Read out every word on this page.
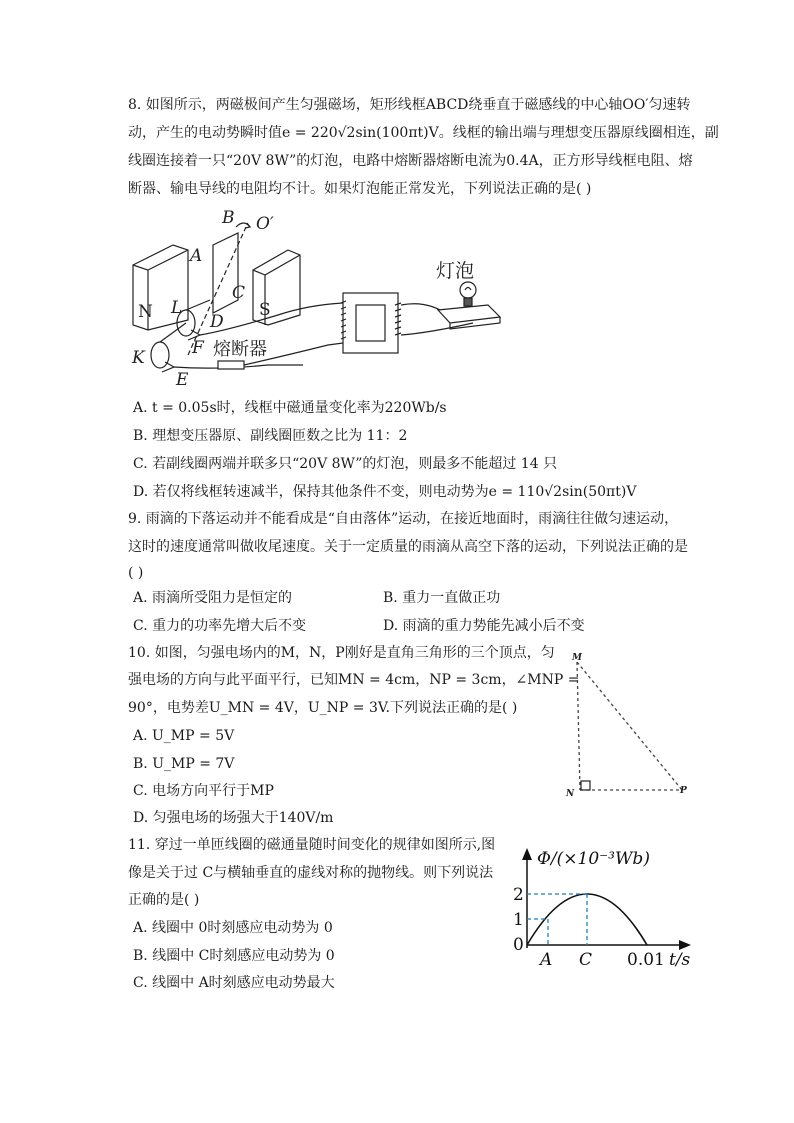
8. 如图所示，两磁极间产生匀强磁场，矩形线框ABCD绕垂直于磁感线的中心轴OO′匀速转
动，产生的电动势瞬时值e = 220√2sin(100πt)V。线框的输出端与理想变压器原线圈相连，副
线圈连接着一只“20V 8W”的灯泡，电路中熔断器熔断电流为0.4A，正方形导线框电阻、熔
断器、输电导线的电阻均不计。如果灯泡能正常发光，下列说法正确的是( )
B O′
A
C
L
D
K	F
E
N	S
灯泡
熔断器
A. t = 0.05s时，线框中磁通量变化率为220Wb/s
B. 理想变压器原、副线圈匝数之比为 11：2
C. 若副线圈两端并联多只“20V 8W”的灯泡，则最多不能超过 14 只
D. 若仅将线框转速减半，保持其他条件不变，则电动势为e = 110√2sin(50πt)V
9. 雨滴的下落运动并不能看成是“自由落体”运动，在接近地面时，雨滴往往做匀速运动，
这时的速度通常叫做收尾速度。关于一定质量的雨滴从高空下落的运动，下列说法正确的是
( )
A. 雨滴所受阻力是恒定的	B. 重力一直做正功
C. 重力的功率先增大后不变	D. 雨滴的重力势能先减小后不变
10. 如图，匀强电场内的M，N，P刚好是直角三角形的三个顶点，匀
强电场的方向与此平面平行，已知MN = 4cm，NP = 3cm，∠MNP =
90°，电势差U_MN = 4V，U_NP = 3V.下列说法正确的是( )
A. U_MP = 5V
B. U_MP = 7V
C. 电场方向平行于MP
D. 匀强电场的场强大于140V/m
M
N	P
11. 穿过一单匝线圈的磁通量随时间变化的规律如图所示,图
像是关于过 C与横轴垂直的虚线对称的抛物线。则下列说法
正确的是( )
A. 线圈中 0时刻感应电动势为 0
B. 线圈中 C时刻感应电动势为 0
C. 线圈中 A时刻感应电动势最大
Φ/(×10⁻³Wb)
2
1
0
A C 0.01 t/s
